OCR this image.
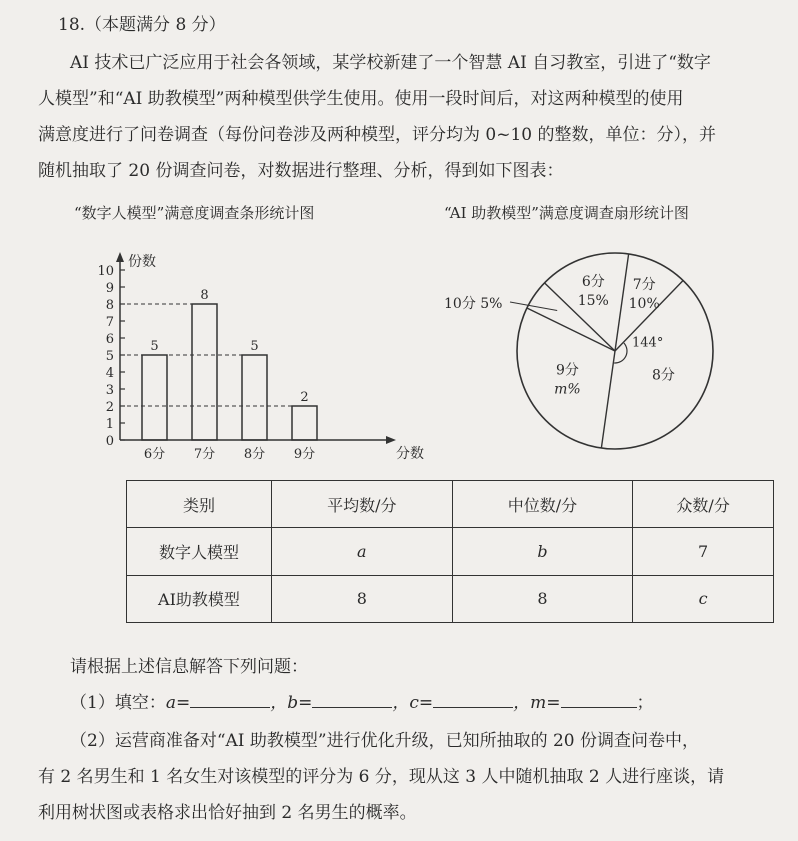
18.（本题满分 8 分）
AI 技术已广泛应用于社会各领域，某学校新建了一个智慧 AI 自习教室，引进了“数字
人模型”和“AI 助教模型”两种模型供学生使用。使用一段时间后，对这两种模型的使用
满意度进行了问卷调查（每份问卷涉及两种模型，评分均为 0~10 的整数，单位：分），并
随机抽取了 20 份调查问卷，对数据进行整理、分析，得到如下图表：
“数字人模型”满意度调查条形统计图	“AI 助教模型”满意度调查扇形统计图
0
1
2
3
4
5
6
7
8
9
10
份数
分数
5
6分
8
7分
5
8分
2
9分
7分
10%
8分
144°
9分
m%
10分 5%
6分
15%
类别	平均数/分	中位数/分	众数/分
数字人模型	a	b	7
AI助教模型	8	8	c
请根据上述信息解答下列问题：
（1）填空：a=	，b=	，c=	，m=	；
（2）运营商准备对“AI 助教模型”进行优化升级，已知所抽取的 20 份调查问卷中，
有 2 名男生和 1 名女生对该模型的评分为 6 分，现从这 3 人中随机抽取 2 人进行座谈，请
利用树状图或表格求出恰好抽到 2 名男生的概率。
